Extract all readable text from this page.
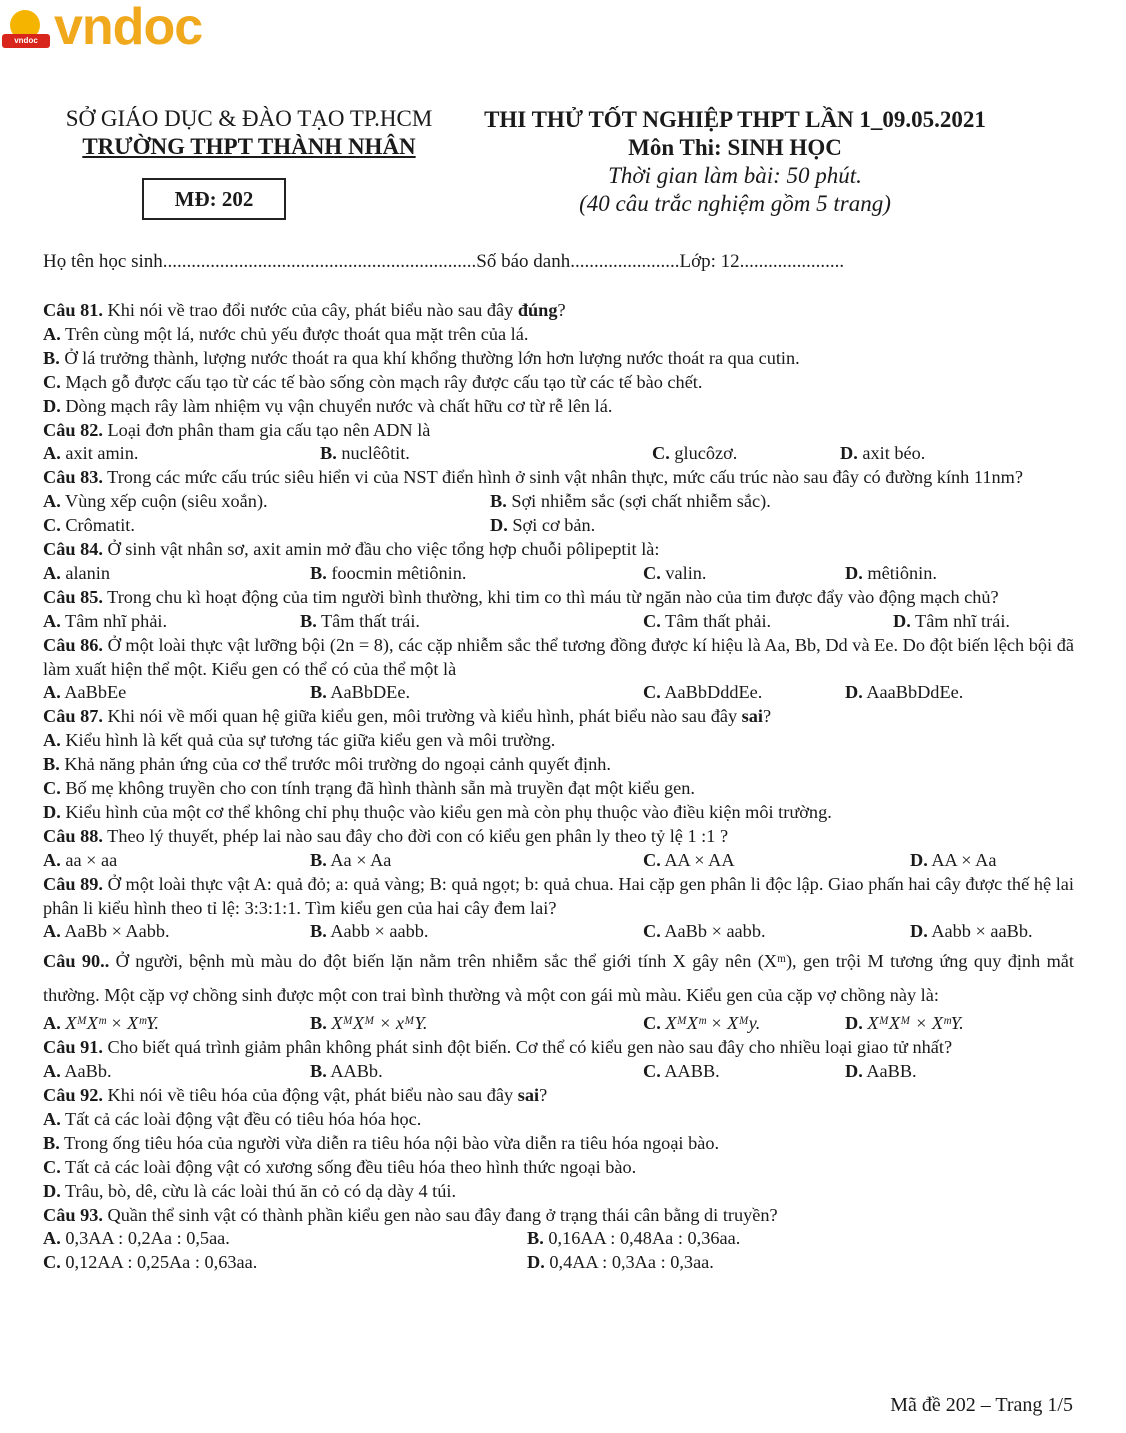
vndoc vndoc
SỞ GIÁO DỤC & ĐÀO TẠO TP.HCM
TRƯỜNG THPT THÀNH NHÂN
MĐ: 202
THI THỬ TỐT NGHIỆP THPT LẦN 1_09.05.2021
Môn Thi: SINH HỌC
Thời gian làm bài: 50 phút.
(40 câu trắc nghiệm gồm 5 trang)
Họ tên học sinh..................................................................Số báo danh.......................Lớp: 12......................
Câu 81. Khi nói về trao đổi nước của cây, phát biểu nào sau đây đúng?
A. Trên cùng một lá, nước chủ yếu được thoát qua mặt trên của lá.
B. Ở lá trưởng thành, lượng nước thoát ra qua khí khổng thường lớn hơn lượng nước thoát ra qua cutin.
C. Mạch gỗ được cấu tạo từ các tế bào sống còn mạch rây được cấu tạo từ các tế bào chết.
D. Dòng mạch rây làm nhiệm vụ vận chuyển nước và chất hữu cơ từ rễ lên lá.
Câu 82. Loại đơn phân tham gia cấu tạo nên ADN là
A. axit amin.	B. nuclêôtit.	C. glucôzơ.	D. axit béo.
Câu 83. Trong các mức cấu trúc siêu hiển vi của NST điển hình ở sinh vật nhân thực, mức cấu trúc nào sau đây có đường kính 11nm?
A. Vùng xếp cuộn (siêu xoắn).	B. Sợi nhiễm sắc (sợi chất nhiễm sắc).
C. Crômatit.	D. Sợi cơ bản.
Câu 84. Ở sinh vật nhân sơ, axit amin mở đầu cho việc tổng hợp chuỗi pôlipeptit là:
A. alanin	B. foocmin mêtiônin.	C. valin.	D. mêtiônin.
Câu 85. Trong chu kì hoạt động của tim người bình thường, khi tim co thì máu từ ngăn nào của tim được đẩy vào động mạch chủ?
A. Tâm nhĩ phải.	B. Tâm thất trái.	C. Tâm thất phải.	D. Tâm nhĩ trái.
Câu 86. Ở một loài thực vật lưỡng bội (2n = 8), các cặp nhiễm sắc thể tương đồng được kí hiệu là Aa, Bb, Dd và Ee. Do đột biến lệch bội đã làm xuất hiện thể một. Kiểu gen có thể có của thể một là
A. AaBbEe	B. AaBbDEe.	C. AaBbDddEe.	D. AaaBbDdEe.
Câu 87. Khi nói về mối quan hệ giữa kiểu gen, môi trường và kiểu hình, phát biểu nào sau đây sai?
A. Kiểu hình là kết quả của sự tương tác giữa kiểu gen và môi trường.
B. Khả năng phản ứng của cơ thể trước môi trường do ngoại cảnh quyết định.
C. Bố mẹ không truyền cho con tính trạng đã hình thành sẵn mà truyền đạt một kiểu gen.
D. Kiểu hình của một cơ thể không chỉ phụ thuộc vào kiểu gen mà còn phụ thuộc vào điều kiện môi trường.
Câu 88. Theo lý thuyết, phép lai nào sau đây cho đời con có kiểu gen phân ly theo tỷ lệ 1 :1 ?
A. aa × aa	B. Aa × Aa	C. AA × AA	D. AA × Aa
Câu 89. Ở một loài thực vật A: quả đỏ; a: quả vàng; B: quả ngọt; b: quả chua. Hai cặp gen phân li độc lập. Giao phấn hai cây được thế hệ lai phân li kiểu hình theo tỉ lệ: 3:3:1:1. Tìm kiểu gen của hai cây đem lai?
A. AaBb × Aabb.	B. Aabb × aabb.	C. AaBb × aabb.	D. Aabb × aaBb.
Câu 90.. Ở người, bệnh mù màu do đột biến lặn nằm trên nhiễm sắc thể giới tính X gây nên (Xᵐ), gen trội M tương ứng quy định mắt thường. Một cặp vợ chồng sinh được một con trai bình thường và một con gái mù màu. Kiểu gen của cặp vợ chồng này là:
A. XᴹXᵐ × XᵐY.	B. XᴹXᴹ × xᴹY.	C. XᴹXᵐ × Xᴹy.	D. XᴹXᴹ × XᵐY.
Câu 91. Cho biết quá trình giảm phân không phát sinh đột biến. Cơ thể có kiểu gen nào sau đây cho nhiều loại giao tử nhất?
A. AaBb.	B. AABb.	C. AABB.	D. AaBB.
Câu 92. Khi nói về tiêu hóa của động vật, phát biểu nào sau đây sai?
A. Tất cả các loài động vật đều có tiêu hóa hóa học.
B. Trong ống tiêu hóa của người vừa diễn ra tiêu hóa nội bào vừa diễn ra tiêu hóa ngoại bào.
C. Tất cả các loài động vật có xương sống đều tiêu hóa theo hình thức ngoại bào.
D. Trâu, bò, dê, cừu là các loài thú ăn cỏ có dạ dày 4 túi.
Câu 93. Quần thể sinh vật có thành phần kiểu gen nào sau đây đang ở trạng thái cân bằng di truyền?
A. 0,3AA : 0,2Aa : 0,5aa.	B. 0,16AA : 0,48Aa : 0,36aa.
C. 0,12AA : 0,25Aa : 0,63aa.	D. 0,4AA : 0,3Aa : 0,3aa.
Mã đề 202 – Trang 1/5
